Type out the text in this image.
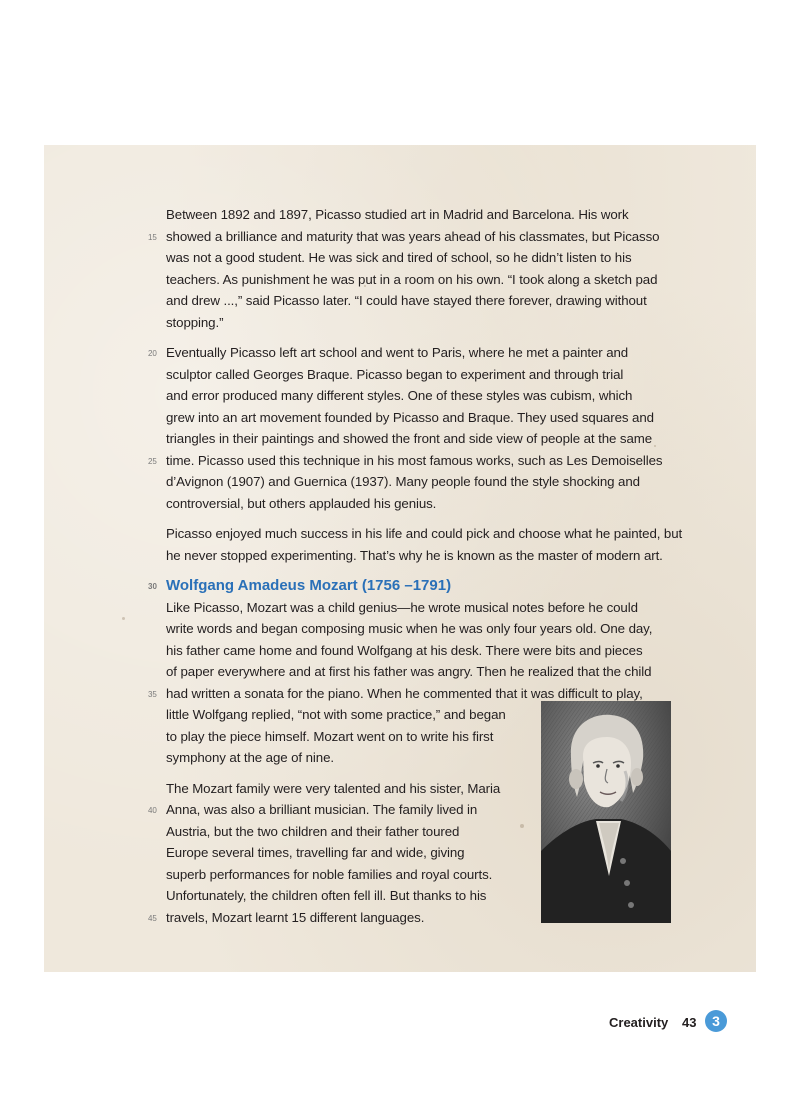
Between 1892 and 1897, Picasso studied art in Madrid and Barcelona. His work
15 showed a brilliance and maturity that was years ahead of his classmates, but Picasso
was not a good student. He was sick and tired of school, so he didn’t listen to his
teachers. As punishment he was put in a room on his own. “I took along a sketch pad
and drew ...,” said Picasso later. “I could have stayed there forever, drawing without
stopping.”
20 Eventually Picasso left art school and went to Paris, where he met a painter and
sculptor called Georges Braque. Picasso began to experiment and through trial
and error produced many different styles. One of these styles was cubism, which
grew into an art movement founded by Picasso and Braque. They used squares and
triangles in their paintings and showed the front and side view of people at the same
25 time. Picasso used this technique in his most famous works, such as Les Demoiselles
d’Avignon (1907) and Guernica (1937). Many people found the style shocking and
controversial, but others applauded his genius.
Picasso enjoyed much success in his life and could pick and choose what he painted, but
he never stopped experimenting. That’s why he is known as the master of modern art.
30 Wolfgang Amadeus Mozart (1756 –1791)
Like Picasso, Mozart was a child genius—he wrote musical notes before he could
write words and began composing music when he was only four years old. One day,
his father came home and found Wolfgang at his desk. There were bits and pieces
of paper everywhere and at first his father was angry. Then he realized that the child
35 had written a sonata for the piano. When he commented that it was difficult to play,
little Wolfgang replied, “not with some practice,” and began
to play the piece himself. Mozart went on to write his first
symphony at the age of nine.
The Mozart family were very talented and his sister, Maria
40 Anna, was also a brilliant musician. The family lived in
Austria, but the two children and their father toured
Europe several times, travelling far and wide, giving
superb performances for noble families and royal courts.
Unfortunately, the children often fell ill. But thanks to his
45 travels, Mozart learnt 15 different languages.
Creativity 43	3
